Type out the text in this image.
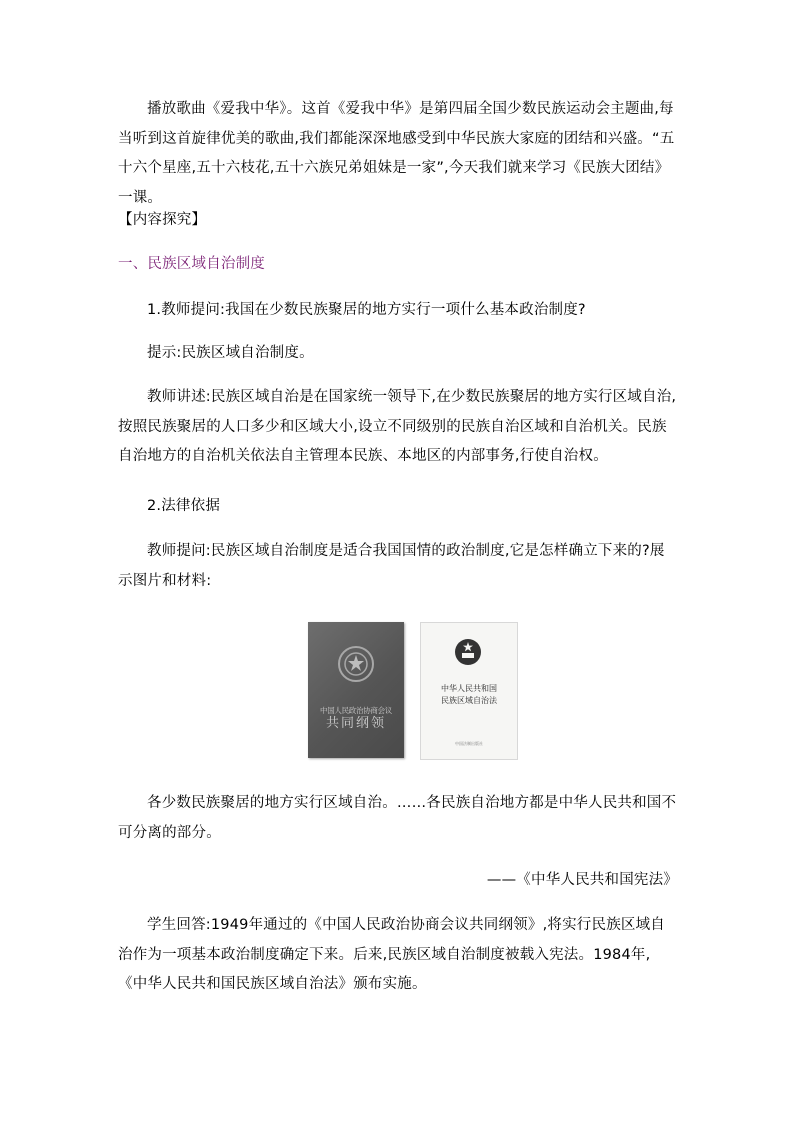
播放歌曲《爱我中华》。这首《爱我中华》是第四届全国少数民族运动会主题曲,每当听到这首旋律优美的歌曲,我们都能深深地感受到中华民族大家庭的团结和兴盛。“五十六个星座,五十六枝花,五十六族兄弟姐妹是一家”,今天我们就来学习《民族大团结》一课。

【内容探究】

一、民族区域自治制度

1.教师提问:我国在少数民族聚居的地方实行一项什么基本政治制度?

提示:民族区域自治制度。

教师讲述:民族区域自治是在国家统一领导下,在少数民族聚居的地方实行区域自治,按照民族聚居的人口多少和区域大小,设立不同级别的民族自治区域和自治机关。民族自治地方的自治机关依法自主管理本民族、本地区的内部事务,行使自治权。

2.法律依据

教师提问:民族区域自治制度是适合我国国情的政治制度,它是怎样确立下来的?展示图片和材料:

中国人民政治协商会议
共同纲领
中华人民共和国
民族区域自治法
中国法制出版社

各少数民族聚居的地方实行区域自治。……各民族自治地方都是中华人民共和国不可分离的部分。

——《中华人民共和国宪法》

学生回答:1949年通过的《中国人民政治协商会议共同纲领》,将实行民族区域自治作为一项基本政治制度确定下来。后来,民族区域自治制度被载入宪法。1984年,《中华人民共和国民族区域自治法》颁布实施。
